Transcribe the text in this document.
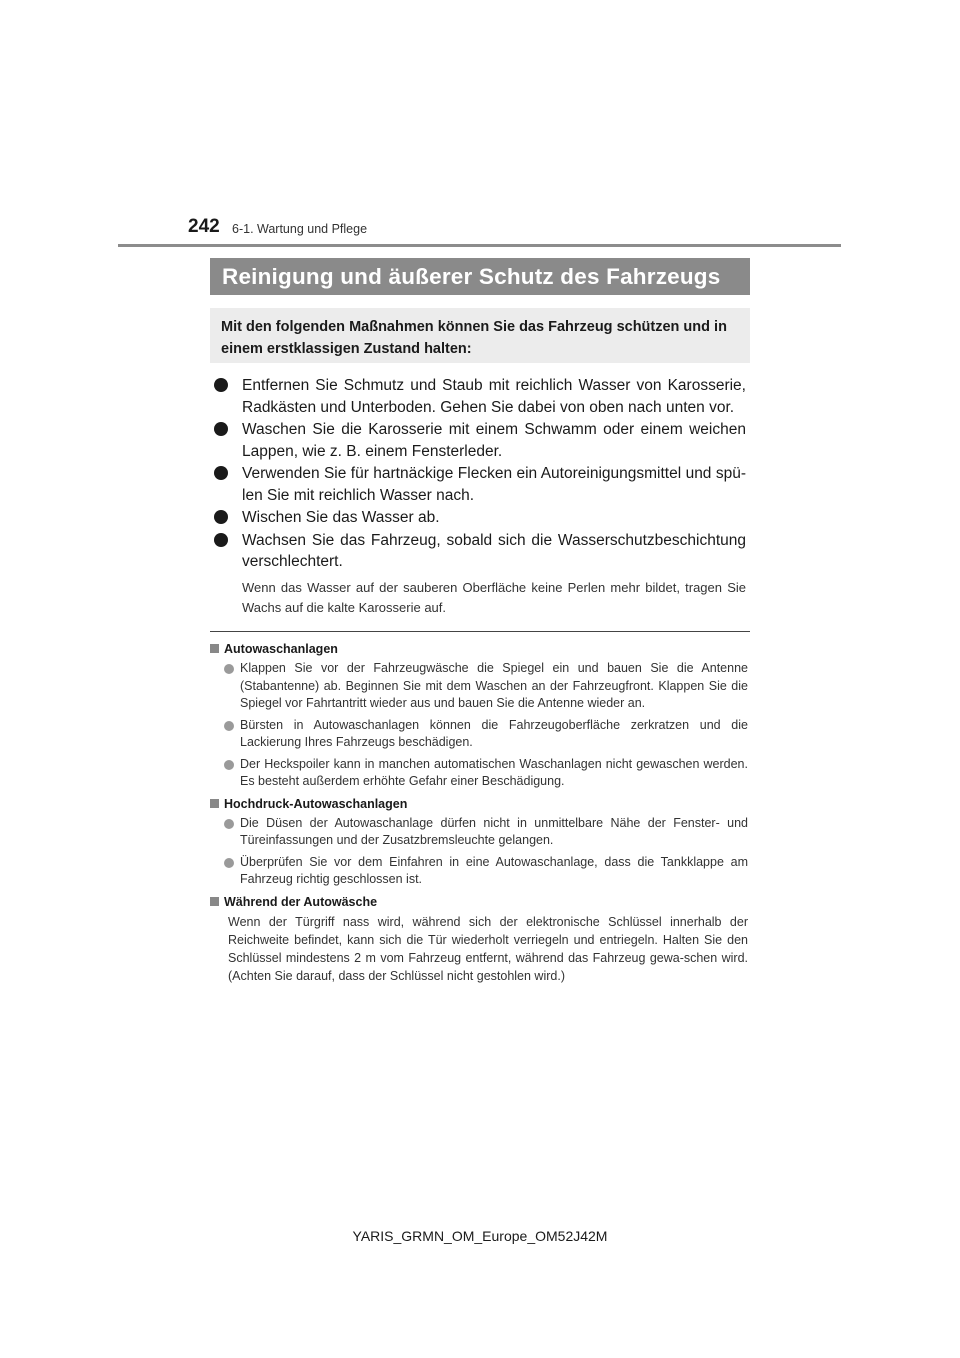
242 6-1. Wartung und Pflege
Reinigung und äußerer Schutz des Fahrzeugs
Mit den folgenden Maßnahmen können Sie das Fahrzeug schützen und in einem erstklassigen Zustand halten:
Entfernen Sie Schmutz und Staub mit reichlich Wasser von Karosserie, Radkästen und Unterboden. Gehen Sie dabei von oben nach unten vor.
Waschen Sie die Karosserie mit einem Schwamm oder einem weichen Lappen, wie z. B. einem Fensterleder.
Verwenden Sie für hartnäckige Flecken ein Autoreinigungsmittel und spü-len Sie mit reichlich Wasser nach.
Wischen Sie das Wasser ab.
Wachsen Sie das Fahrzeug, sobald sich die Wasserschutzbeschichtung verschlechtert.
Wenn das Wasser auf der sauberen Oberfläche keine Perlen mehr bildet, tragen Sie Wachs auf die kalte Karosserie auf.
Autowaschanlagen
Klappen Sie vor der Fahrzeugwäsche die Spiegel ein und bauen Sie die Antenne (Stabantenne) ab. Beginnen Sie mit dem Waschen an der Fahrzeugfront. Klappen Sie die Spiegel vor Fahrtantritt wieder aus und bauen Sie die Antenne wieder an.
Bürsten in Autowaschanlagen können die Fahrzeugoberfläche zerkratzen und die Lackierung Ihres Fahrzeugs beschädigen.
Der Heckspoiler kann in manchen automatischen Waschanlagen nicht gewaschen werden. Es besteht außerdem erhöhte Gefahr einer Beschädigung.
Hochdruck-Autowaschanlagen
Die Düsen der Autowaschanlage dürfen nicht in unmittelbare Nähe der Fenster- und Türeinfassungen und der Zusatzbremsleuchte gelangen.
Überprüfen Sie vor dem Einfahren in eine Autowaschanlage, dass die Tankklappe am Fahrzeug richtig geschlossen ist.
Während der Autowäsche
Wenn der Türgriff nass wird, während sich der elektronische Schlüssel innerhalb der Reichweite befindet, kann sich die Tür wiederholt verriegeln und entriegeln. Halten Sie den Schlüssel mindestens 2 m vom Fahrzeug entfernt, während das Fahrzeug gewa-schen wird. (Achten Sie darauf, dass der Schlüssel nicht gestohlen wird.)
YARIS_GRMN_OM_Europe_OM52J42M
